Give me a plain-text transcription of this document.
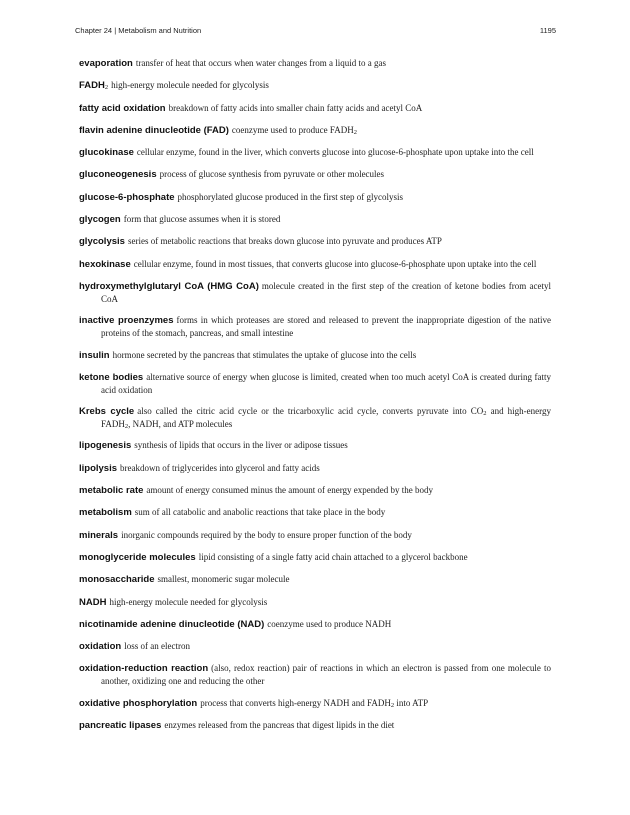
Chapter 24 | Metabolism and Nutrition	1195

evaporation transfer of heat that occurs when water changes from a liquid to a gas

$FADH_2$ high-energy molecule needed for glycolysis

fatty acid oxidation breakdown of fatty acids into smaller chain fatty acids and acetyl CoA

flavin adenine dinucleotide (FAD) coenzyme used to produce $FADH_2$

glucokinase cellular enzyme, found in the liver, which converts glucose into glucose-6-phosphate upon uptake into the cell

gluconeogenesis process of glucose synthesis from pyruvate or other molecules

glucose-6-phosphate phosphorylated glucose produced in the first step of glycolysis

glycogen form that glucose assumes when it is stored

glycolysis series of metabolic reactions that breaks down glucose into pyruvate and produces ATP

hexokinase cellular enzyme, found in most tissues, that converts glucose into glucose-6-phosphate upon uptake into the cell

hydroxymethylglutaryl CoA (HMG CoA) molecule created in the first step of the creation of ketone bodies from acetyl CoA

inactive proenzymes forms in which proteases are stored and released to prevent the inappropriate digestion of the native proteins of the stomach, pancreas, and small intestine

insulin hormone secreted by the pancreas that stimulates the uptake of glucose into the cells

ketone bodies alternative source of energy when glucose is limited, created when too much acetyl CoA is created during fatty acid oxidation

Krebs cycle also called the citric acid cycle or the tricarboxylic acid cycle, converts pyruvate into $CO_2$ and high-energy $FADH_2$, NADH, and ATP molecules

lipogenesis synthesis of lipids that occurs in the liver or adipose tissues

lipolysis breakdown of triglycerides into glycerol and fatty acids

metabolic rate amount of energy consumed minus the amount of energy expended by the body

metabolism sum of all catabolic and anabolic reactions that take place in the body

minerals inorganic compounds required by the body to ensure proper function of the body

monoglyceride molecules lipid consisting of a single fatty acid chain attached to a glycerol backbone

monosaccharide smallest, monomeric sugar molecule

NADH high-energy molecule needed for glycolysis

nicotinamide adenine dinucleotide (NAD) coenzyme used to produce NADH

oxidation loss of an electron

oxidation-reduction reaction (also, redox reaction) pair of reactions in which an electron is passed from one molecule to another, oxidizing one and reducing the other

oxidative phosphorylation process that converts high-energy NADH and $FADH_2$ into ATP

pancreatic lipases enzymes released from the pancreas that digest lipids in the diet
